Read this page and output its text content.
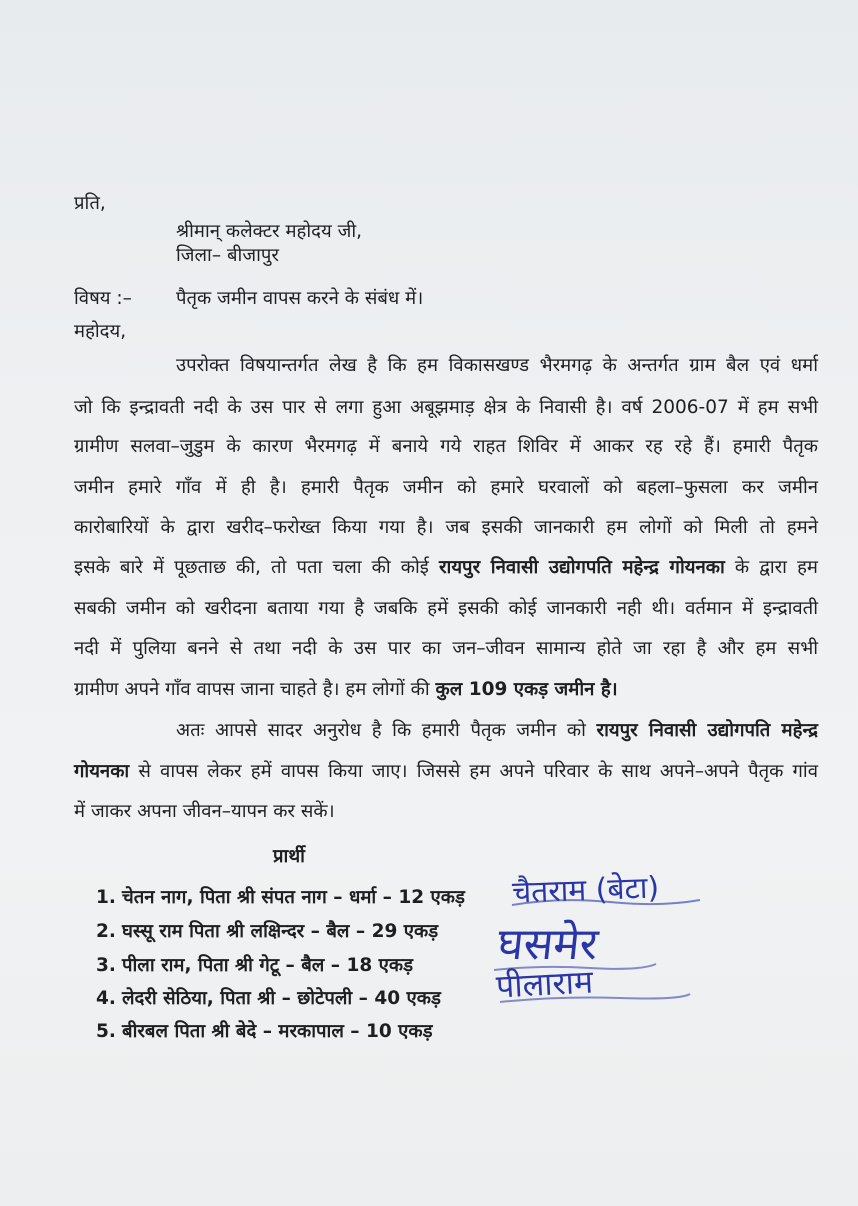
प्रति,
श्रीमान् कलेक्टर महोदय जी,
जिला– बीजापुर
विषय :– पैतृक जमीन वापस करने के संबंध में।
महोदय,
उपरोक्त विषयान्तर्गत लेख है कि हम विकासखण्ड भैरमगढ़ के अन्तर्गत ग्राम बैल एवं धर्मा
जो कि इन्द्रावती नदी के उस पार से लगा हुआ अबूझमाड़ क्षेत्र के निवासी है। वर्ष 2006-07 में हम सभी
ग्रामीण सलवा–जुडुम के कारण भैरमगढ़ में बनाये गये राहत शिविर में आकर रह रहे हैं। हमारी पैतृक
जमीन हमारे गाँव में ही है। हमारी पैतृक जमीन को हमारे घरवालों को बहला–फुसला कर जमीन
कारोबारियों के द्वारा खरीद–फरोख्त किया गया है। जब इसकी जानकारी हम लोगों को मिली तो हमने
इसके बारे में पूछताछ की, तो पता चला की कोई रायपुर निवासी उद्योगपति महेन्द्र गोयनका के द्वारा हम
सबकी जमीन को खरीदना बताया गया है जबकि हमें इसकी कोई जानकारी नही थी। वर्तमान में इन्द्रावती
नदी में पुलिया बनने से तथा नदी के उस पार का जन–जीवन सामान्य होते जा रहा है और हम सभी
ग्रामीण अपने गाँव वापस जाना चाहते है। हम लोगों की कुल 109 एकड़ जमीन है।
अतः आपसे सादर अनुरोध है कि हमारी पैतृक जमीन को रायपुर निवासी उद्योगपति महेन्द्र
गोयनका से वापस लेकर हमें वापस किया जाए। जिससे हम अपने परिवार के साथ अपने–अपने पैतृक गांव
में जाकर अपना जीवन–यापन कर सकें।
प्रार्थी
1. चेतन नाग, पिता श्री संपत नाग – धर्मा – 12 एकड़
2. घस्सू राम पिता श्री लक्षिन्दर – बैल – 29 एकड़
3. पीला राम, पिता श्री गेटू – बैल – 18 एकड़
4. लेदरी सेठिया, पिता श्री – छोटेपली – 40 एकड़
5. बीरबल पिता श्री बेदे – मरकापाल – 10 एकड़
चैतराम (बेटा)
घसमेर
पीलाराम
